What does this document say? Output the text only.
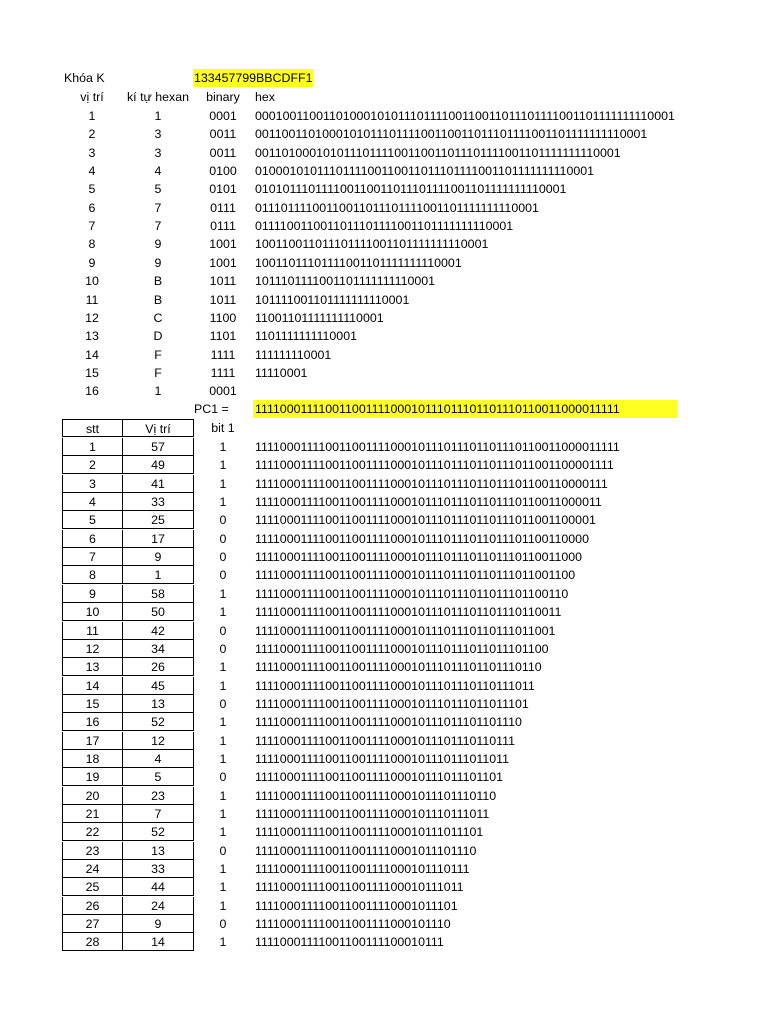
Khóa K	133457799BBCDFF1
vị trí	kí tự hexan	binary	hex
1	1	0001	0001001100110100010101110111100110011011101111001101111111110001
2	3	0011	001100110100010101110111100110011011101111001101111111110001
3	3	0011	00110100010101110111100110011011101111001101111111110001
4	4	0100	0100010101110111100110011011101111001101111111110001
5	5	0101	010101110111100110011011101111001101111111110001
6	7	0111	01110111100110011011101111001101111111110001
7	7	0111	0111100110011011101111001101111111110001
8	9	1001	100110011011101111001101111111110001
9	9	1001	10011011101111001101111111110001
10	B	1011	1011101111001101111111110001
11	B	1011	101111001101111111110001
12	C	1100	11001101111111110001
13	D	1101	1101111111110001
14	F	1111	111111110001
15	F	1111	11110001
16	1	0001
PC1 =	11110001111001100111100010111011101101110110011000011111
stt	Vị trí	bit 1
1	57	1	11110001111001100111100010111011101101110110011000011111
2	49	1	1111000111100110011110001011101110110111011001100001111
3	41	1	111100011110011001111000101110111011011101100110000111
4	33	1	11110001111001100111100010111011101101110110011000011
5	25	0	1111000111100110011110001011101110110111011001100001
6	17	0	111100011110011001111000101110111011011101100110000
7	9	0	11110001111001100111100010111011101101110110011000
8	1	0	1111000111100110011110001011101110110111011001100
9	58	1	111100011110011001111000101110111011011101100110
10	50	1	11110001111001100111100010111011101101110110011
11	42	0	1111000111100110011110001011101110110111011001
12	34	0	111100011110011001111000101110111011011101100
13	26	1	11110001111001100111100010111011101101110110
14	45	1	1111000111100110011110001011101110110111011
15	13	0	111100011110011001111000101110111011011101
16	52	1	11110001111001100111100010111011101101110
17	12	1	1111000111100110011110001011101110110111
18	4	1	111100011110011001111000101110111011011
19	5	0	11110001111001100111100010111011101101
20	23	1	1111000111100110011110001011101110110
21	7	1	111100011110011001111000101110111011
22	52	1	11110001111001100111100010111011101
23	13	0	1111000111100110011110001011101110
24	33	1	111100011110011001111000101110111
25	44	1	11110001111001100111100010111011
26	24	1	1111000111100110011110001011101
27	9	0	111100011110011001111000101110
28	14	1	11110001111001100111100010111
